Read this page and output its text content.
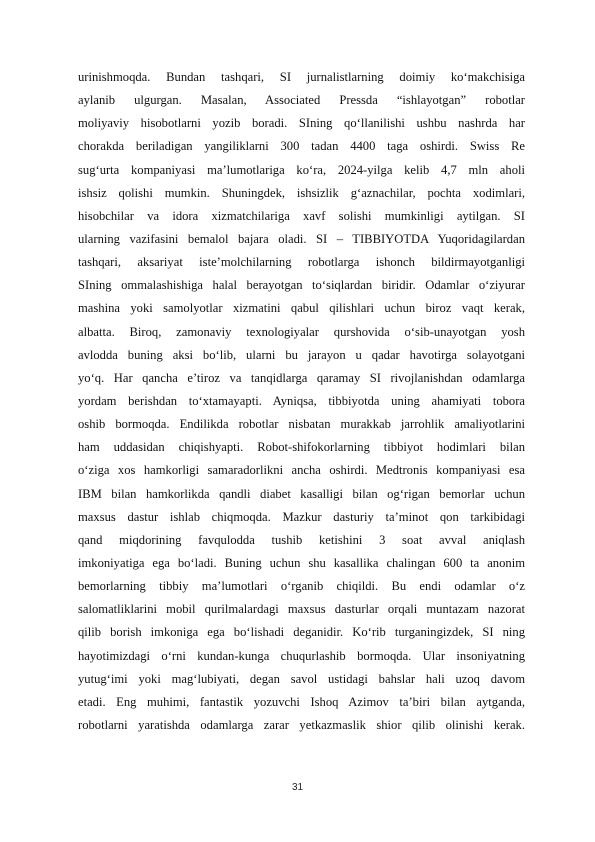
urinishmoqda. Bundan tashqari, SI jurnalistlarning doimiy ko‘makchisiga
aylanib ulgurgan. Masalan, Associated Pressda “ishlayotgan” robotlar
moliyaviy hisobotlarni yozib boradi. SIning qo‘llanilishi ushbu nashrda har
chorakda beriladigan yangiliklarni 300 tadan 4400 taga oshirdi. Swiss Re
sug‘urta kompaniyasi ma’lumotlariga ko‘ra, 2024-yilga kelib 4,7 mln aholi
ishsiz qolishi mumkin. Shuningdek, ishsizlik g‘aznachilar, pochta xodimlari,
hisobchilar va idora xizmatchilariga xavf solishi mumkinligi aytilgan. SI
ularning vazifasini bemalol bajara oladi. SI – TIBBIYOTDA Yuqoridagilardan
tashqari, aksariyat iste’molchilarning robotlarga ishonch bildirmayotganligi
SIning ommalashishiga halal berayotgan to‘siqlardan biridir. Odamlar o‘ziyurar
mashina yoki samolyotlar xizmatini qabul qilishlari uchun biroz vaqt kerak,
albatta. Biroq, zamonaviy texnologiyalar qurshovida o‘sib-unayotgan yosh
avlodda buning aksi bo‘lib, ularni bu jarayon u qadar havotirga solayotgani
yo‘q. Har qancha e’tiroz va tanqidlarga qaramay SI rivojlanishdan odamlarga
yordam berishdan to‘xtamayapti. Ayniqsa, tibbiyotda uning ahamiyati tobora
oshib bormoqda. Endilikda robotlar nisbatan murakkab jarrohlik amaliyotlarini
ham uddasidan chiqishyapti. Robot-shifokorlarning tibbiyot hodimlari bilan
o‘ziga xos hamkorligi samaradorlikni ancha oshirdi. Medtronis kompaniyasi esa
IBM bilan hamkorlikda qandli diabet kasalligi bilan og‘rigan bemorlar uchun
maxsus dastur ishlab chiqmoqda. Mazkur dasturiy ta’minot qon tarkibidagi
qand miqdorining favqulodda tushib ketishini 3 soat avval aniqlash
imkoniyatiga ega bo‘ladi. Buning uchun shu kasallika chalingan 600 ta anonim
bemorlarning tibbiy ma’lumotlari o‘rganib chiqildi. Bu endi odamlar o‘z
salomatliklarini mobil qurilmalardagi maxsus dasturlar orqali muntazam nazorat
qilib borish imkoniga ega bo‘lishadi deganidir. Ko‘rib turganingizdek, SI ning
hayotimizdagi o‘rni kundan-kunga chuqurlashib bormoqda. Ular insoniyatning
yutug‘imi yoki mag‘lubiyati, degan savol ustidagi bahslar hali uzoq davom
etadi. Eng muhimi, fantastik yozuvchi Ishoq Azimov ta’biri bilan aytganda,
robotlarni yaratishda odamlarga zarar yetkazmaslik shior qilib olinishi kerak.
31
